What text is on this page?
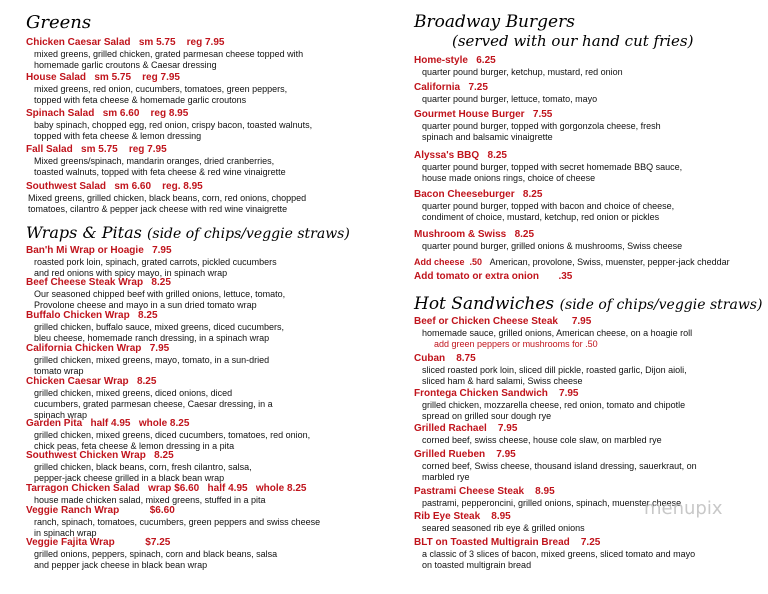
Greens
Chicken Caesar Salad   sm 5.75    reg 7.95
mixed greens, grilled chicken, grated parmesan cheese topped with
homemade garlic croutons & Caesar dressing
House Salad   sm 5.75    reg 7.95
mixed greens, red onion, cucumbers, tomatoes, green peppers,
topped with feta cheese & homemade garlic croutons
Spinach Salad   sm 6.60    reg 8.95
baby spinach, chopped egg, red onion, crispy bacon, toasted walnuts,
topped with feta cheese & lemon dressing
Fall Salad   sm 5.75    reg 7.95
Mixed greens/spinach, mandarin oranges, dried cranberries,
toasted walnuts, topped with feta cheese & red wine vinaigrette
Southwest Salad   sm 6.60    reg. 8.95
Mixed greens, grilled chicken, black beans, corn, red onions, chopped
tomatoes, cilantro & pepper jack cheese with red wine vinaigrette
Wraps & Pitas (side of chips/veggie straws)
Ban'h Mi Wrap or Hoagie   7.95
roasted pork loin, spinach, grated carrots, pickled cucumbers
and red onions with spicy mayo, in spinach wrap
Beef Cheese Steak Wrap   8.25
Our seasoned chipped beef with grilled onions, lettuce, tomato,
Provolone cheese and mayo in a sun dried tomato wrap
Buffalo Chicken Wrap   8.25
grilled chicken, buffalo sauce, mixed greens, diced cucumbers,
bleu cheese, homemade ranch dressing, in a spinach wrap
California Chicken Wrap   7.95
grilled chicken, mixed greens, mayo, tomato, in a sun-dried
tomato wrap
Chicken Caesar Wrap   8.25
grilled chicken, mixed greens, diced onions, diced
cucumbers, grated parmesan cheese, Caesar dressing, in a
spinach wrap
Garden Pita   half 4.95   whole 8.25
grilled chicken, mixed greens, diced cucumbers, tomatoes, red onion,
chick peas, feta cheese & lemon dressing in a pita
Southwest Chicken Wrap   8.25
grilled chicken, black beans, corn, fresh cilantro, salsa,
pepper-jack cheese grilled in a black bean wrap
Tarragon Chicken Salad   wrap $6.60   half 4.95   whole 8.25
house made chicken salad, mixed greens, stuffed in a pita
Veggie Ranch Wrap           $6.60
ranch, spinach, tomatoes, cucumbers, green peppers and swiss cheese
in spinach wrap
Veggie Fajita Wrap           $7.25
grilled onions, peppers, spinach, corn and black beans, salsa
and pepper jack cheese in black bean wrap
Broadway Burgers
(served with our hand cut fries)
Home-style   6.25
quarter pound burger, ketchup, mustard, red onion
California   7.25
quarter pound burger, lettuce, tomato, mayo
Gourmet House Burger   7.55
quarter pound burger, topped with gorgonzola cheese, fresh
spinach and balsamic vinaigrette
Alyssa's BBQ   8.25
quarter pound burger, topped with secret homemade BBQ sauce,
house made onions rings, choice of cheese
Bacon Cheeseburger   8.25
quarter pound burger, topped with bacon and choice of cheese,
condiment of choice, mustard, ketchup, red onion or pickles
Mushroom & Swiss   8.25
quarter pound burger, grilled onions & mushrooms, Swiss cheese
Add cheese  .50 American, provolone, Swiss, muenster, pepper-jack cheddar
Add tomato or extra onion       .35
Hot Sandwiches (side of chips/veggie straws)
Beef or Chicken Cheese Steak     7.95
homemade sauce, grilled onions, American cheese, on a hoagie roll
add green peppers or mushrooms for .50
Cuban    8.75
sliced roasted pork loin, sliced dill pickle, roasted garlic, Dijon aioli,
sliced ham & hard salami, Swiss cheese
Frontega Chicken Sandwich    7.95
grilled chicken, mozzarella cheese, red onion, tomato and chipotle
spread on grilled sour dough rye
Grilled Rachael    7.95
corned beef, swiss cheese, house cole slaw, on marbled rye
Grilled Rueben    7.95
corned beef, Swiss cheese, thousand island dressing, sauerkraut, on
marbled rye
Pastrami Cheese Steak    8.95
pastrami, pepperoncini, grilled onions, spinach, muenster cheese
Rib Eye Steak    8.95
seared seasoned rib eye & grilled onions
BLT on Toasted Multigrain Bread    7.25
a classic of 3 slices of bacon, mixed greens, sliced tomato and mayo
on toasted multigrain bread
menupix
